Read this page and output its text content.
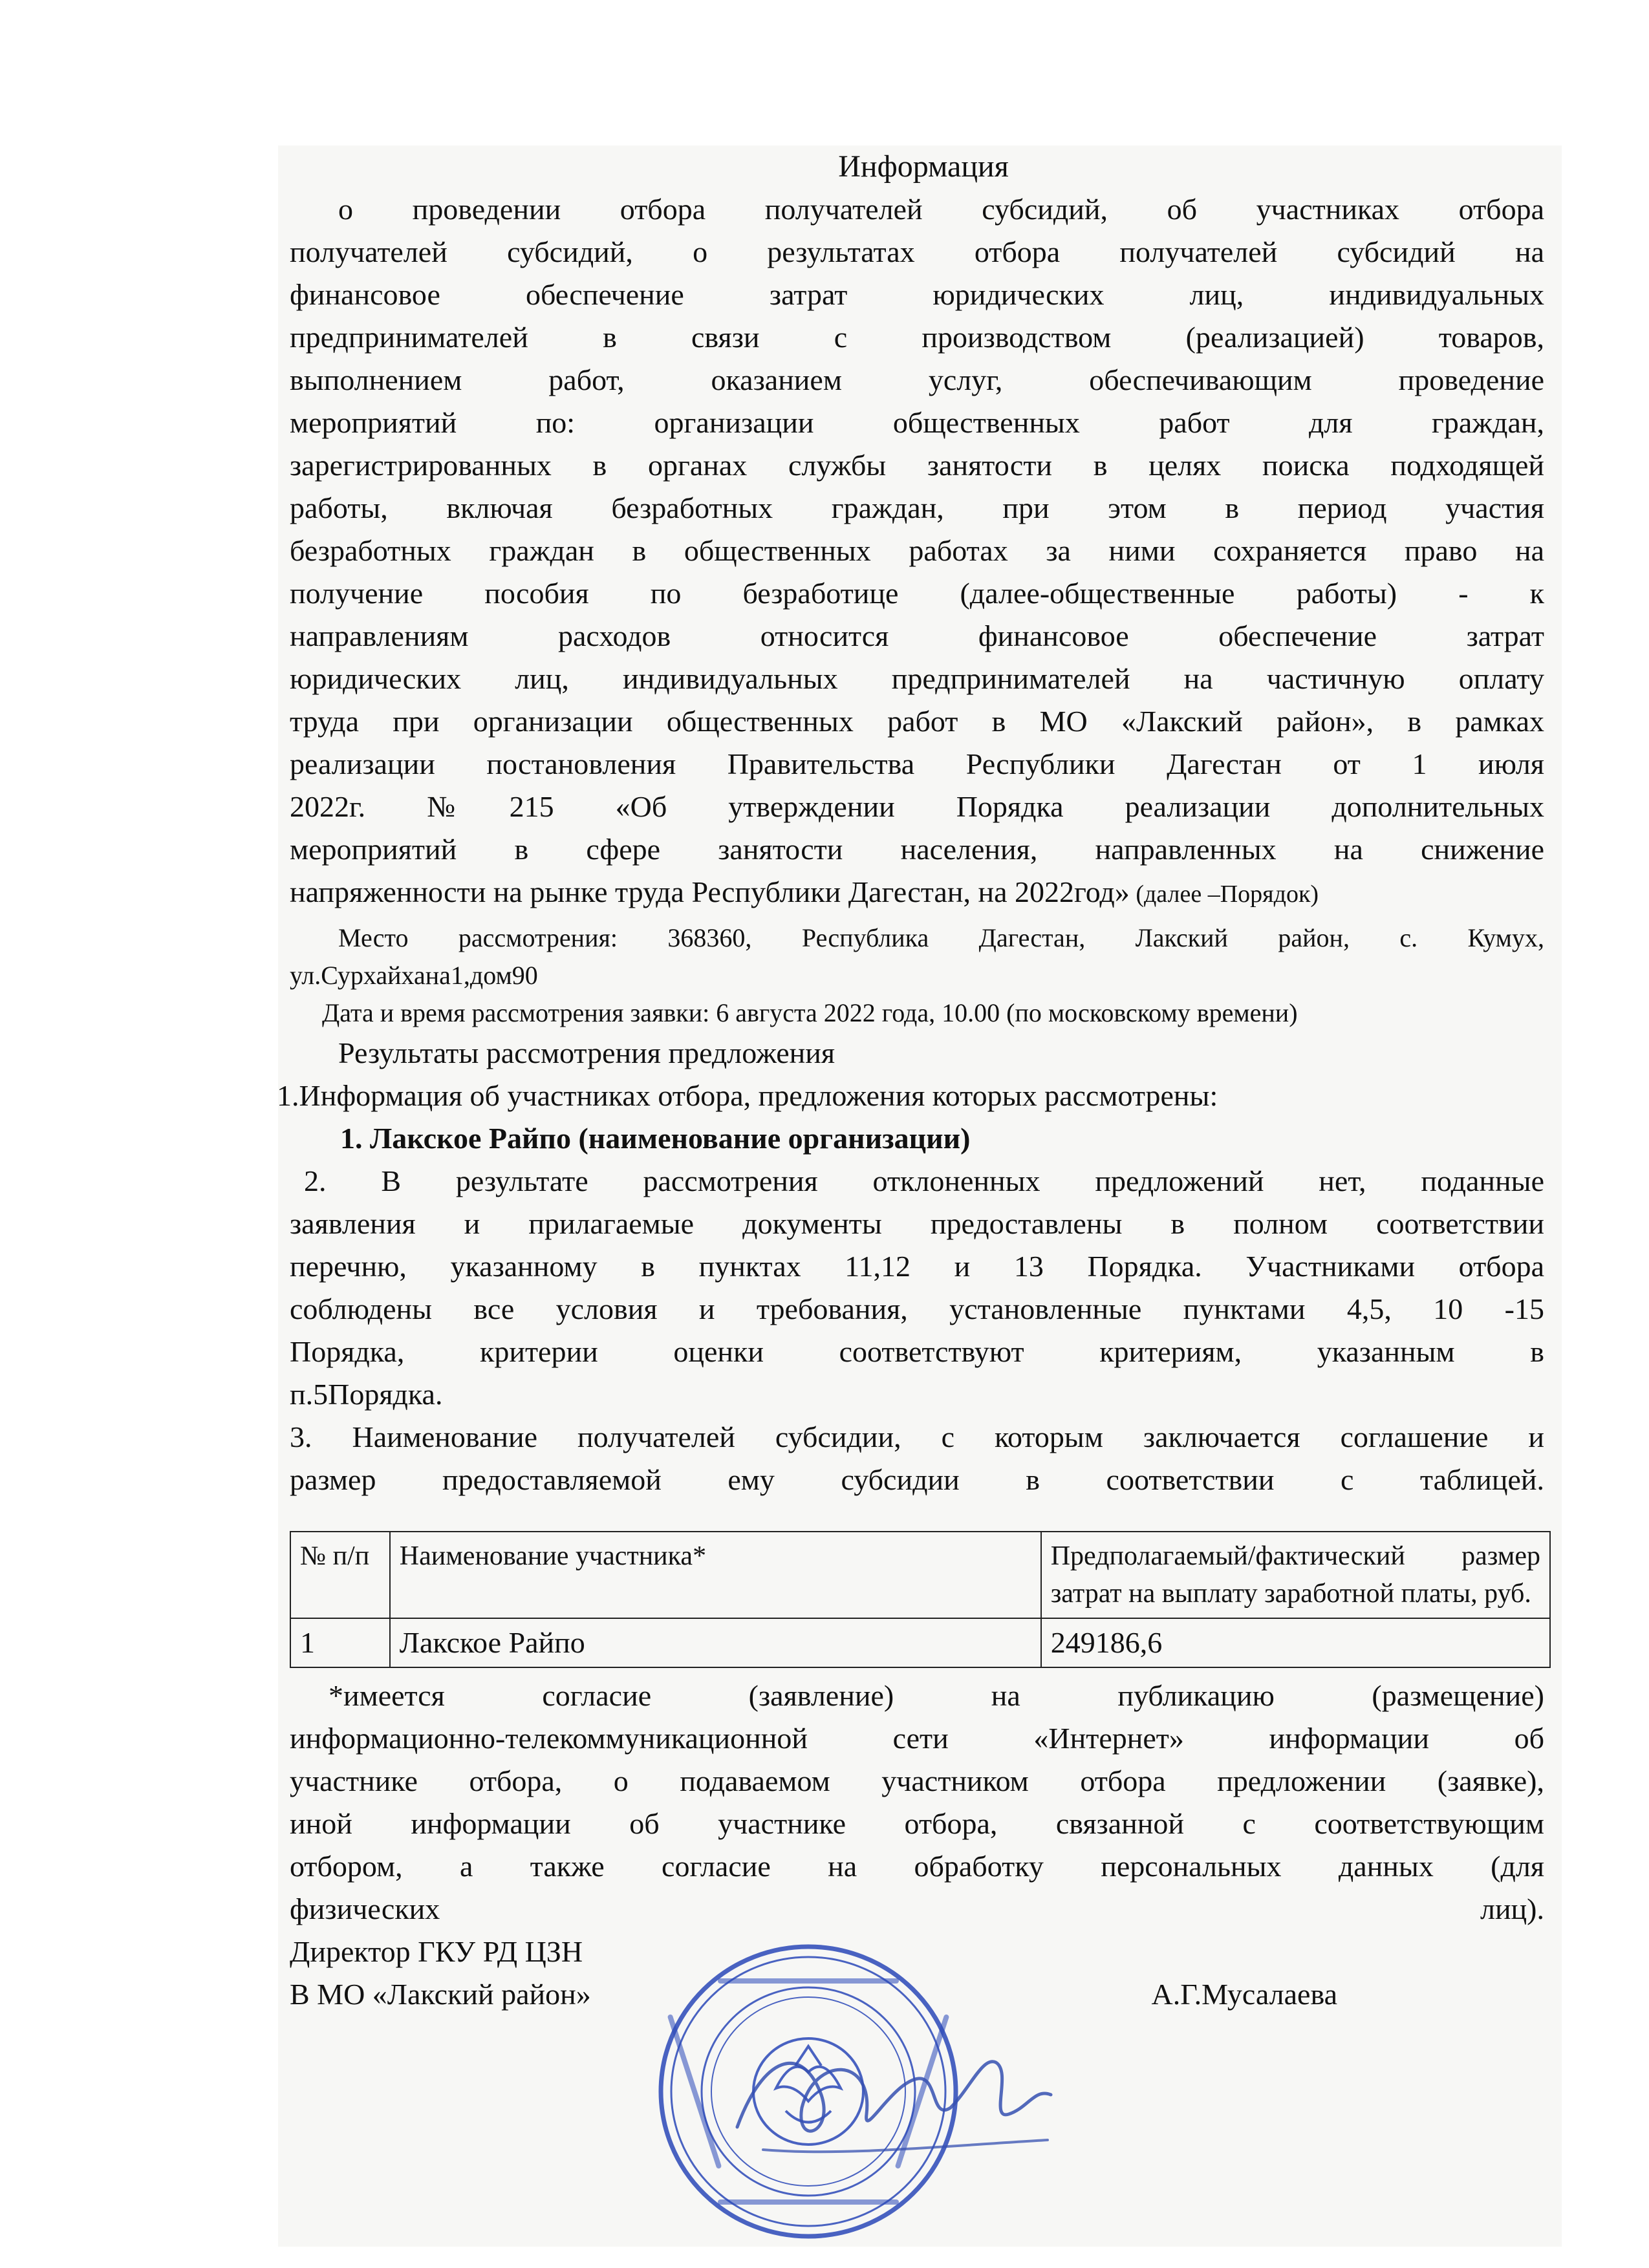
Информация

о проведении отбора получателей субсидий, об участниках отбора

получателей субсидий, о результатах отбора получателей субсидий на

финансовое обеспечение затрат юридических лиц, индивидуальных

предпринимателей в связи с производством (реализацией) товаров,

выполнением работ, оказанием услуг, обеспечивающим проведение

мероприятий по: организации общественных работ для граждан,

зарегистрированных в органах службы занятости в целях поиска подходящей

работы, включая безработных граждан, при этом в период участия

безработных граждан в общественных работах за ними сохраняется право на

получение пособия по безработице (далее-общественные работы) - к

направлениям расходов относится финансовое обеспечение затрат

юридических лиц, индивидуальных предпринимателей на частичную оплату

труда при организации общественных работ в МО «Лакский район», в рамках

реализации постановления Правительства Республики Дагестан от 1 июля

2022г. №215 «Об утверждении Порядка реализации дополнительных

мероприятий в сфере занятости населения, направленных на снижение

напряженности на рынке труда Республики Дагестан, на 2022год» (далее –Порядок)

Место рассмотрения: 368360, Республика Дагестан, Лакский район, с. Кумух,

ул.Сурхайхана1,дом90

Дата и время рассмотрения заявки: 6 августа 2022 года, 10.00 (по московскому времени)

Результаты рассмотрения предложения

1.Информация об участниках отбора, предложения которых рассмотрены:

1. Лакское Райпо (наименование организации)

2. В результате рассмотрения отклоненных предложений нет, поданные

заявления и прилагаемые документы предоставлены в полном соответствии

перечню, указанному в пунктах 11,12 и 13 Порядка. Участниками отбора

соблюдены все условия и требования, установленные пунктами 4,5, 10 -15

Порядка, критерии оценки соответствуют критериям, указанным в

п.5Порядка.

3. Наименование получателей субсидии, с которым заключается соглашение и

размер предоставляемой ему субсидии в соответствии с таблицей.

№ п/п	Наименование участника*	Предполагаемый/фактический размер затрат на выплату заработной платы, руб.

1	Лакское Райпо	249186,6

*имеется согласие (заявление) на публикацию (размещение)

информационно-телекоммуникационной сети «Интернет» информации об

участнике отбора, о подаваемом участником отбора предложении (заявке),

иной информации об участнике отбора, связанной с соответствующим

отбором, а также согласие на обработку персональных данных (для

физических	лиц).

Директор ГКУ РД ЦЗН

В МО «Лакский район»	А.Г.Мусалаева
